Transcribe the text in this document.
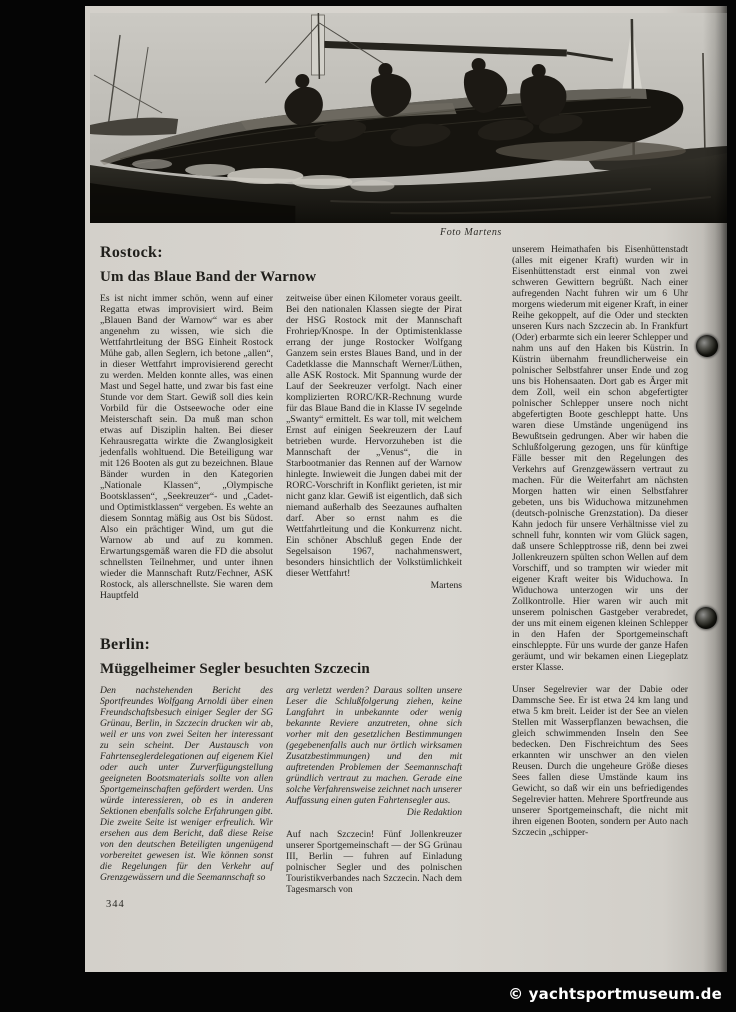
Foto Martens
Rostock:
Um das Blaue Band der Warnow
Es ist nicht immer schön, wenn auf einer Regatta etwas improvisiert wird. Beim „Blauen Band der Warnow“ war es aber angenehm zu wissen, wie sich die Wettfahrtleitung der BSG Einheit Rostock Mühe gab, allen Seglern, ich betone „allen“, in dieser Wettfahrt improvisierend gerecht zu werden. Melden konnte alles, was einen Mast und Segel hatte, und zwar bis fast eine Stunde vor dem Start. Gewiß soll dies kein Vorbild für die Ostseewoche oder eine Meisterschaft sein. Da muß man schon etwas auf Disziplin halten. Bei dieser Kehrausregatta wirkte die Zwanglosigkeit jedenfalls wohltuend. Die Beteiligung war mit 126 Booten als gut zu bezeichnen. Blaue Bänder wurden in den Kategorien „Nationale Klassen“, „Olympische Bootsklassen“, „Seekreuzer“- und „Cadet- und Optimistklassen“ vergeben. Es wehte an diesem Sonntag mäßig aus Ost bis Südost. Also ein prächtiger Wind, um gut die Warnow ab und auf zu kommen. Erwartungsgemäß waren die FD die absolut schnellsten Teilnehmer, und unter ihnen wieder die Mannschaft Rutz/Fechner, ASK Rostock, als allerschnellste. Sie waren dem Hauptfeld
zeitweise über einen Kilometer voraus geeilt. Bei den nationalen Klassen siegte der Pirat der HSG Rostock mit der Mannschaft Frohriep/Knospe. In der Optimistenklasse errang der junge Rostocker Wolfgang Ganzem sein erstes Blaues Band, und in der Cadetklasse die Mannschaft Werner/Lüthen, alle ASK Rostock. Mit Spannung wurde der Lauf der Seekreuzer verfolgt. Nach einer komplizierten RORC/KR-Rechnung wurde für das Blaue Band die in Klasse IV segelnde „Swanty“ ermittelt. Es war toll, mit welchem Ernst auf einigen Seekreuzern der Lauf betrieben wurde. Hervorzuheben ist die Mannschaft der „Venus“, die in Starbootmanier das Rennen auf der Warnow hinlegte. Inwieweit die Jungen dabei mit der RORC-Vorschrift in Konflikt gerieten, ist mir nicht ganz klar. Gewiß ist eigentlich, daß sich niemand außerhalb des Seezaunes aufhalten darf. Aber so ernst nahm es die Wettfahrtleitung und die Konkurrenz nicht. Ein schöner Abschluß gegen Ende der Segelsaison 1967, nachahmenswert, besonders hinsichtlich der Volkstümlichkeit dieser Wettfahrt!
Martens
Berlin:
Müggelheimer Segler besuchten Szczecin
Den nachstehenden Bericht des Sportfreundes Wolfgang Arnoldi über einen Freundschaftsbesuch einiger Segler der SG Grünau, Berlin, in Szczecin drucken wir ab, weil er uns von zwei Seiten her interessant zu sein scheint. Der Austausch von Fahrtenseglerdelegationen auf eigenem Kiel oder auch unter Zurverfügungstellung geeigneten Bootsmaterials sollte von allen Sportgemeinschaften gefördert werden. Uns würde interessieren, ob es in anderen Sektionen ebenfalls solche Erfahrungen gibt. Die zweite Seite ist weniger erfreulich. Wir ersehen aus dem Bericht, daß diese Reise von den deutschen Beteiligten ungenügend vorbereitet gewesen ist. Wie können sonst die Regelungen für den Verkehr auf Grenzgewässern und die Seemannschaft so
arg verletzt werden? Daraus sollten unsere Leser die Schlußfolgerung ziehen, keine Langfahrt in unbekannte oder wenig bekannte Reviere anzutreten, ohne sich vorher mit den gesetzlichen Bestimmungen (gegebenenfalls auch nur örtlich wirksamen Zusatzbestimmungen) und den mit auftretenden Problemen der Seemannschaft gründlich vertraut zu machen. Gerade eine solche Verfahrensweise zeichnet nach unserer Auffassung einen guten Fahrtensegler aus.
Die Redaktion
Auf nach Szczecin! Fünf Jollenkreuzer unserer Sportgemeinschaft — der SG Grünau III, Berlin — fuhren auf Einladung polnischer Segler und des polnischen Touristikverbandes nach Szczecin. Nach dem Tagesmarsch von
unserem Heimathafen bis Eisenhüttenstadt (alles mit eigener Kraft) wurden wir in Eisenhüttenstadt erst einmal von zwei schweren Gewittern begrüßt. Nach einer aufregenden Nacht fuhren wir um 6 Uhr morgens wiederum mit eigener Kraft, in einer Reihe gekoppelt, auf die Oder und steckten unseren Kurs nach Szczecin ab. In Frankfurt (Oder) erbarmte sich ein leerer Schlepper und nahm uns auf den Haken bis Küstrin. In Küstrin übernahm freundlicherweise ein polnischer Selbstfahrer unser Ende und zog uns bis Hohensaaten. Dort gab es Ärger mit dem Zoll, weil ein schon abgefertigter polnischer Schlepper unsere noch nicht abgefertigten Boote geschleppt hatte. Uns waren diese Umstände ungenügend ins Bewußtsein gedrungen. Aber wir haben die Schlußfolgerung gezogen, uns für künftige Fälle besser mit den Regelungen des Verkehrs auf Grenzgewässern vertraut zu machen. Für die Weiterfahrt am nächsten Morgen hatten wir einen Selbstfahrer gebeten, uns bis Widuchowa mitzunehmen (deutsch-polnische Grenzstation). Da dieser Kahn jedoch für unsere Verhältnisse viel zu schnell fuhr, konnten wir vom Glück sagen, daß unsere Schlepptrosse riß, denn bei zwei Jollenkreuzern spülten schon Wellen auf dem Vorschiff, und so trampten wir wieder mit eigener Kraft weiter bis Widuchowa. In Widuchowa unterzogen wir uns der Zollkontrolle. Hier waren wir auch mit unserem polnischen Gastgeber verabredet, der uns mit einem eigenen kleinen Schlepper in den Hafen der Sportgemeinschaft einschleppte. Für uns wurde der ganze Hafen geräumt, und wir bekamen einen Liegeplatz erster Klasse.
Unser Segelrevier war der Dabie oder Dammsche See. Er ist etwa 24 km lang und etwa 5 km breit. Leider ist der See an vielen Stellen mit Wasserpflanzen bewachsen, die gleich schwimmenden Inseln den See bedecken. Den Fischreichtum des Sees erkannten wir unschwer an den vielen Reusen. Durch die ungeheure Größe dieses Sees fallen diese Umstände kaum ins Gewicht, so daß wir ein uns befriedigendes Segelrevier hatten. Mehrere Sportfreunde aus unserer Sportgemeinschaft, die nicht mit ihren eigenen Booten, sondern per Auto nach Szczecin „schipper-
344
© yachtsportmuseum.de
